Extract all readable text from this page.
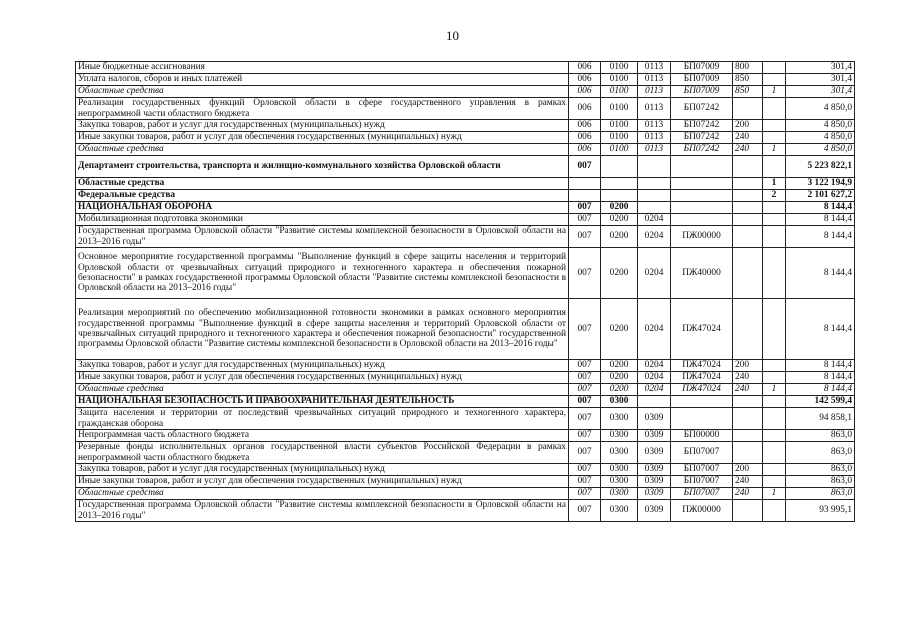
10
Иные бюджетные ассигнования	006	0100	0113	БП07009	800		301,4
Уплата налогов, сборов и иных платежей	006	0100	0113	БП07009	850		301,4
Областные средства	006	0100	0113	БП07009	850	1	301,4
Реализация государственных функций Орловской области в сфере государственного управления в рамках непрограммной части областного бюджета	006	0100	0113	БП07242			4 850,0
Закупка товаров, работ и услуг для государственных (муниципальных) нужд	006	0100	0113	БП07242	200		4 850,0
Иные закупки товаров, работ и услуг для обеспечения государственных (муниципальных) нужд	006	0100	0113	БП07242	240		4 850,0
Областные средства	006	0100	0113	БП07242	240	1	4 850,0
Департамент строительства, транспорта и жилищно-коммунального хозяйства Орловской области	007						5 223 822,1
Областные средства						1	3 122 194,9
Федеральные средства						2	2 101 627,2
НАЦИОНАЛЬНАЯ ОБОРОНА	007	0200					8 144,4
Мобилизационная подготовка экономики	007	0200	0204				8 144,4
Государственная программа Орловской области "Развитие системы комплексной безопасности в Орловской области на 2013–2016 годы"	007	0200	0204	ПЖ00000			8 144,4
Основное мероприятие государственной программы "Выполнение функций в сфере защиты населения и территорий Орловской области от чрезвычайных ситуаций природного и техногенного характера и обеспечения пожарной безопасности" в рамках государственной программы Орловской области "Развитие системы комплексной безопасности в Орловской области на 2013–2016 годы"	007	0200	0204	ПЖ40000			8 144,4
Реализация мероприятий по обеспечению мобилизационной готовности экономики в рамках основного мероприятия государственной программы "Выполнение функций в сфере защиты населения и территорий Орловской области от чрезвычайных ситуаций природного и техногенного характера и обеспечения пожарной безопасности" государственной программы Орловской области "Развитие системы комплексной безопасности в Орловской области на 2013–2016 годы"	007	0200	0204	ПЖ47024			8 144,4
Закупка товаров, работ и услуг для государственных (муниципальных) нужд	007	0200	0204	ПЖ47024	200		8 144,4
Иные закупки товаров, работ и услуг для обеспечения государственных (муниципальных) нужд	007	0200	0204	ПЖ47024	240		8 144,4
Областные средства	007	0200	0204	ПЖ47024	240	1	8 144,4
НАЦИОНАЛЬНАЯ БЕЗОПАСНОСТЬ И ПРАВООХРАНИТЕЛЬНАЯ ДЕЯТЕЛЬНОСТЬ	007	0300					142 599,4
Защита населения и территории от последствий чрезвычайных ситуаций природного и техногенного характера, гражданская оборона	007	0300	0309				94 858,1
Непрограммная часть областного бюджета	007	0300	0309	БП00000			863,0
Резервные фонды исполнительных органов государственной власти субъектов Российской Федерации в рамках непрограммной части областного бюджета	007	0300	0309	БП07007			863,0
Закупка товаров, работ и услуг для государственных (муниципальных) нужд	007	0300	0309	БП07007	200		863,0
Иные закупки товаров, работ и услуг для обеспечения государственных (муниципальных) нужд	007	0300	0309	БП07007	240		863,0
Областные средства	007	0300	0309	БП07007	240	1	863,0
Государственная программа Орловской области "Развитие системы комплексной безопасности в Орловской области на 2013–2016 годы"	007	0300	0309	ПЖ00000			93 995,1
